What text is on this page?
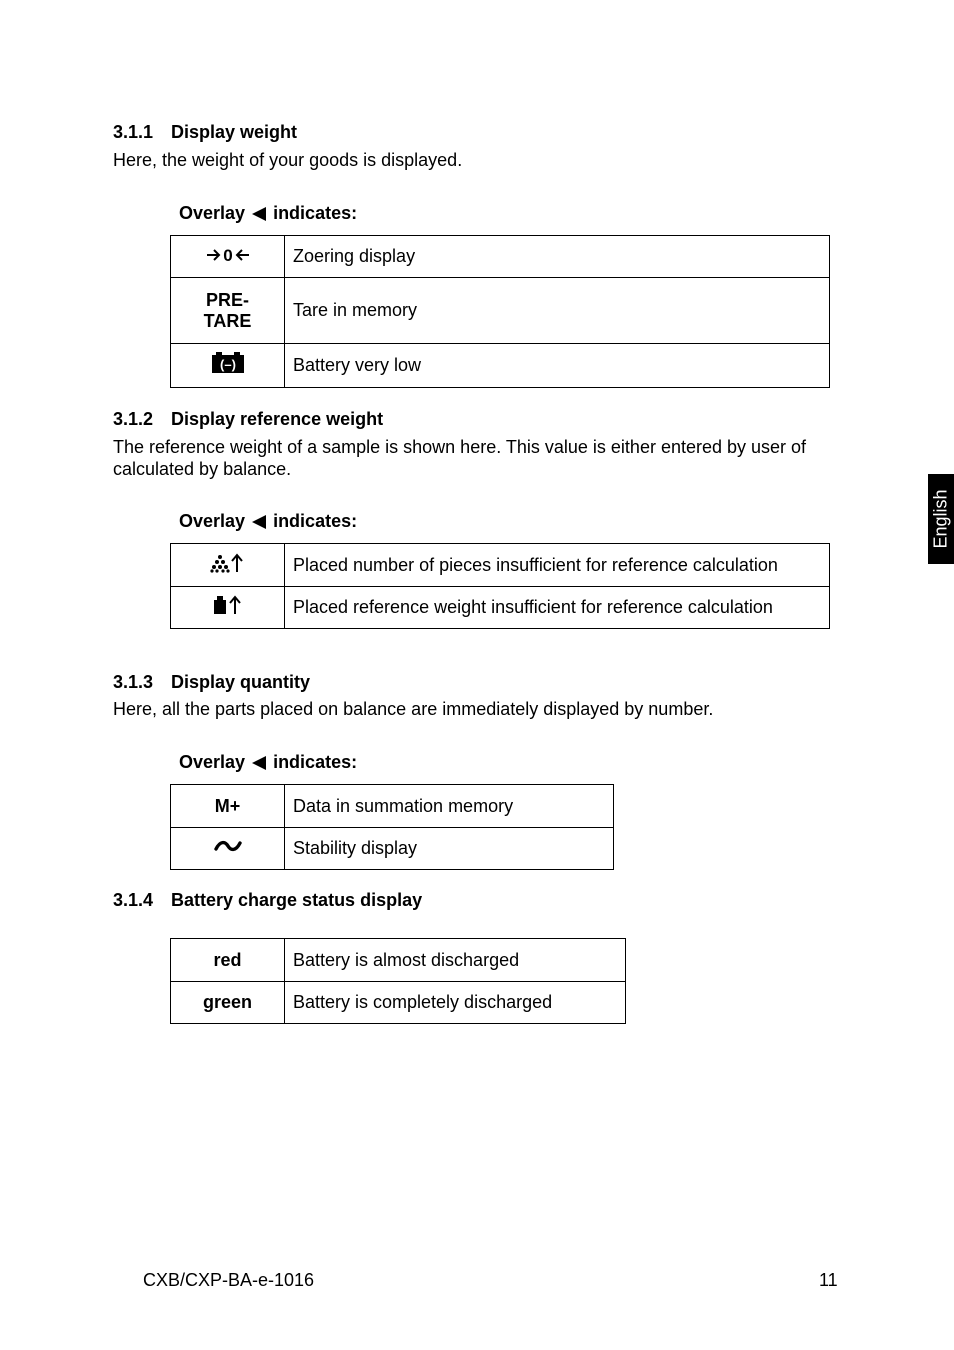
3.1.1 Display weight
Here, the weight of your goods is displayed.
Overlay indicates:
0	Zoering display
PRE-
TARE	Tare in memory

(–)	Battery very low
3.1.2 Display reference weight
The reference weight of a sample is shown here. This value is either entered by user of calculated by balance.
Overlay indicates:
	Placed number of pieces insufficient for reference calculation
	Placed reference weight insufficient for reference calculation
3.1.3 Display quantity
Here, all the parts placed on balance are immediately displayed by number.
Overlay indicates:
M+	Data in summation memory
	Stability display
3.1.4 Battery charge status display
red	Battery is almost discharged
green	Battery is completely discharged
English
CXB/CXP-BA-e-1016	11
